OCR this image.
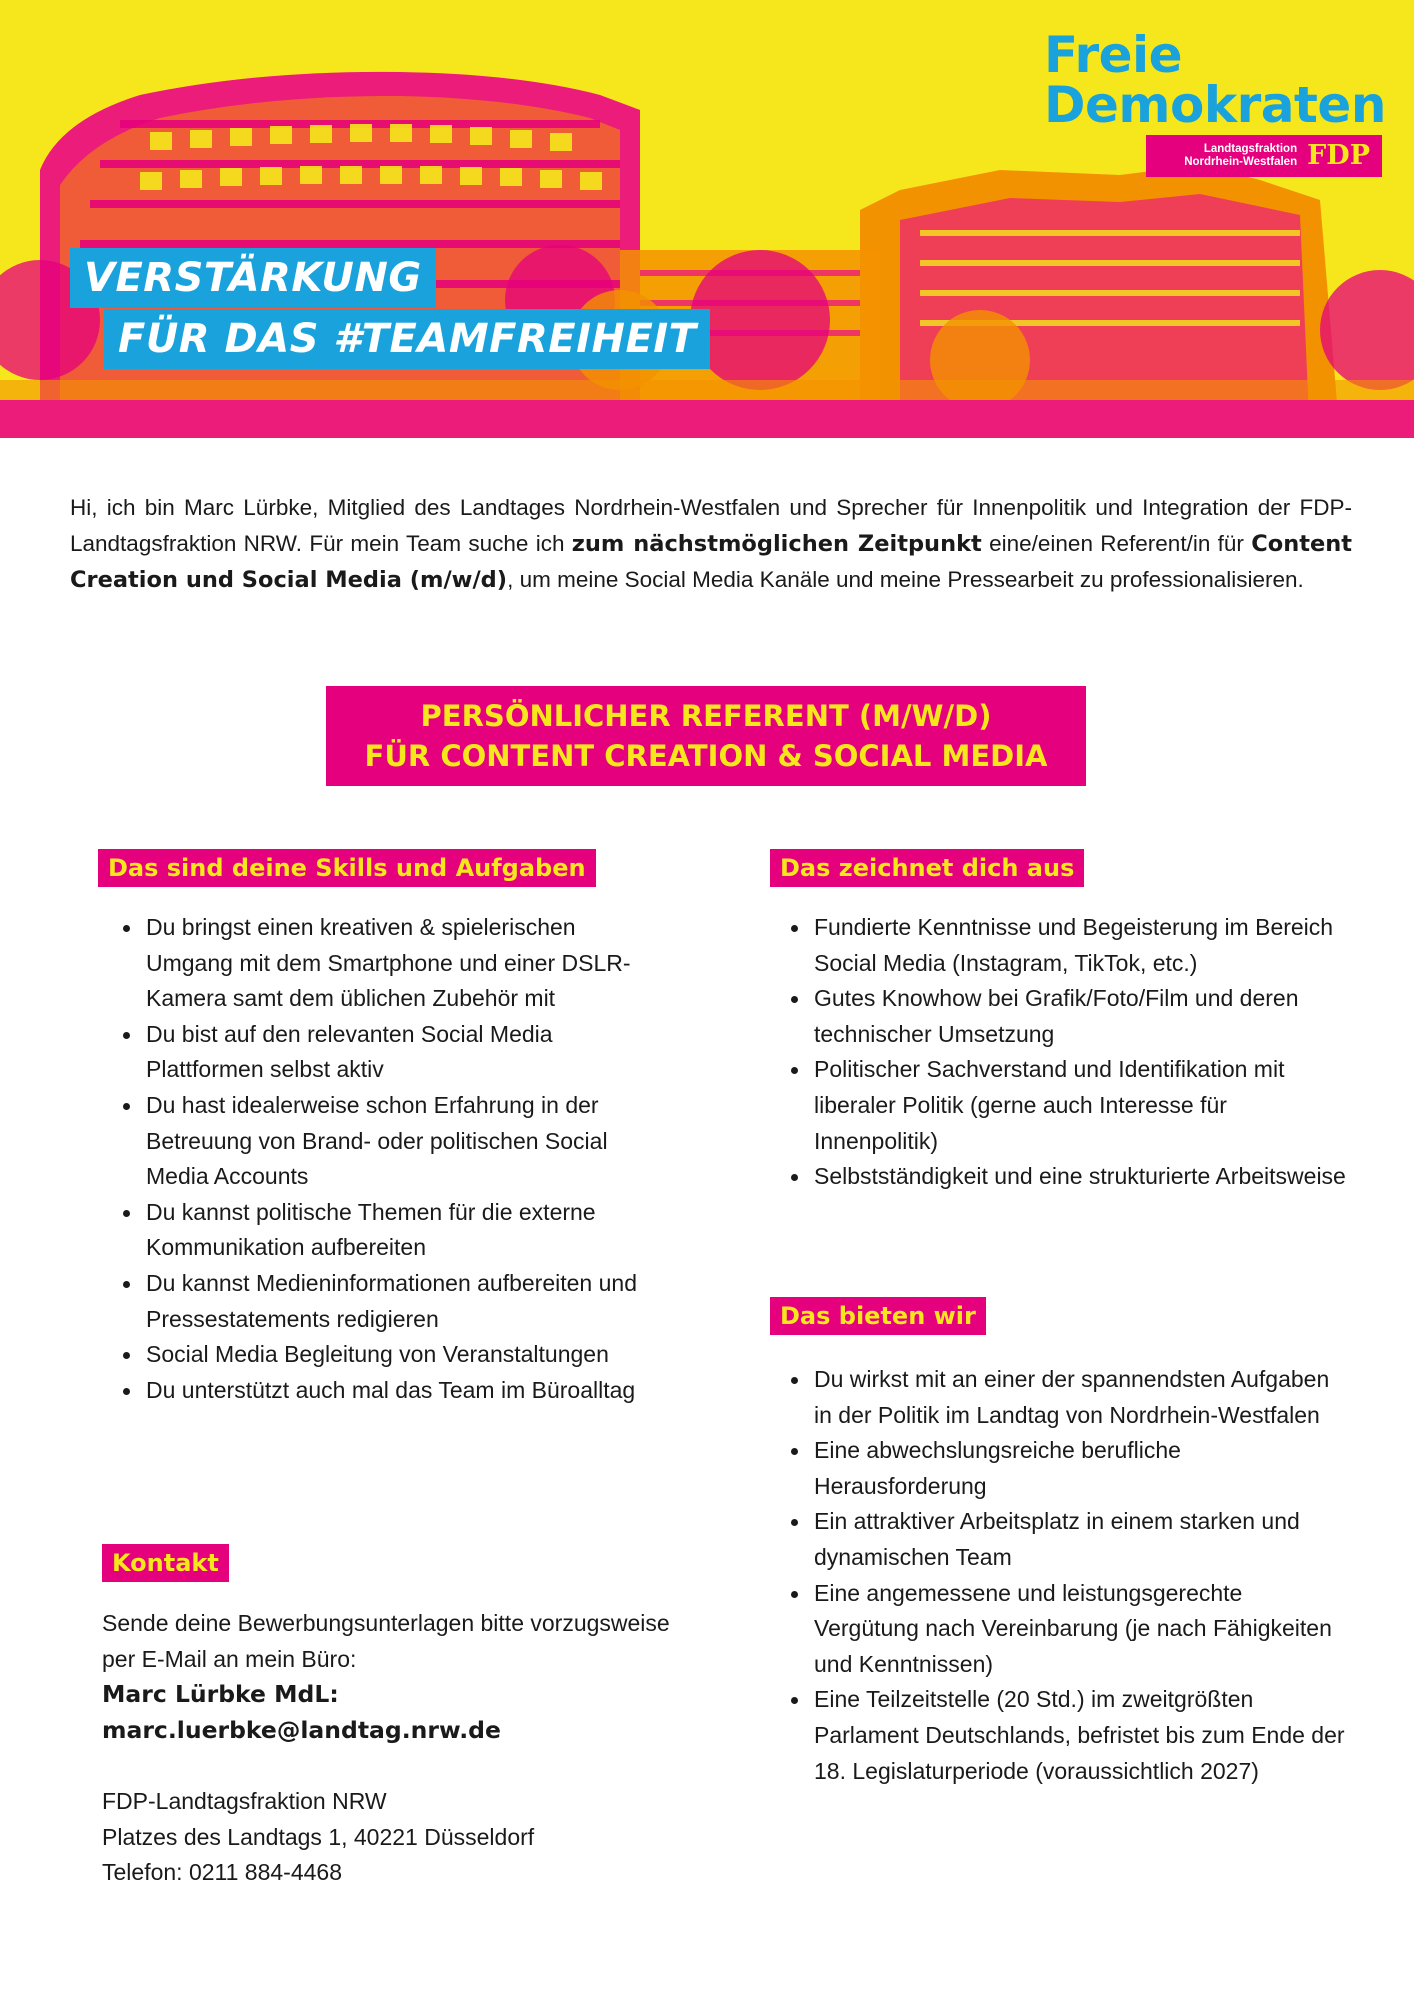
Freie
Demokraten
Landtagsfraktion
Nordrhein-Westfalen FDP
VERSTÄRKUNG
FÜR DAS #TEAMFREIHEIT

Hi, ich bin Marc Lürbke, Mitglied des Landtages Nordrhein-Westfalen und Sprecher für Innenpolitik und Integration der FDP-Landtagsfraktion NRW. Für mein Team suche ich zum nächstmöglichen Zeitpunkt eine/einen Referent/in für Content Creation und Social Media (m/w/d), um meine Social Media Kanäle und meine Pressearbeit zu professionalisieren.

PERSÖNLICHER REFERENT (M/W/D)
FÜR CONTENT CREATION & SOCIAL MEDIA
Das sind deine Skills und Aufgaben
Du bringst einen kreativen & spielerischen Umgang mit dem Smartphone und einer DSLR-Kamera samt dem üblichen Zubehör mit
Du bist auf den relevanten Social Media Plattformen selbst aktiv
Du hast idealerweise schon Erfahrung in der Betreuung von Brand- oder politischen Social Media Accounts
Du kannst politische Themen für die externe Kommunikation aufbereiten
Du kannst Medieninformationen aufbereiten und Pressestatements redigieren
Social Media Begleitung von Veranstaltungen
Du unterstützt auch mal das Team im Büroalltag
Kontakt
Sende deine Bewerbungsunterlagen bitte vorzugsweise
per E-Mail an mein Büro:
Marc Lürbke MdL:
marc.luerbke@landtag.nrw.de
FDP-Landtagsfraktion NRW
Platzes des Landtags 1, 40221 Düsseldorf
Telefon: 0211 884-4468
Das zeichnet dich aus
Fundierte Kenntnisse und Begeisterung im Bereich Social Media (Instagram, TikTok, etc.)
Gutes Knowhow bei Grafik/Foto/Film und deren technischer Umsetzung
Politischer Sachverstand und Identifikation mit liberaler Politik (gerne auch Interesse für Innenpolitik)
Selbstständigkeit und eine strukturierte Arbeitsweise
Das bieten wir
Du wirkst mit an einer der spannendsten Aufgaben in der Politik im Landtag von Nordrhein-Westfalen
Eine abwechslungsreiche berufliche Herausforderung
Ein attraktiver Arbeitsplatz in einem starken und dynamischen Team
Eine angemessene und leistungsgerechte Vergütung nach Vereinbarung (je nach Fähigkeiten und Kenntnissen)
Eine Teilzeitstelle (20 Std.) im zweitgrößten Parlament Deutschlands, befristet bis zum Ende der 18. Legislaturperiode (voraussichtlich 2027)
